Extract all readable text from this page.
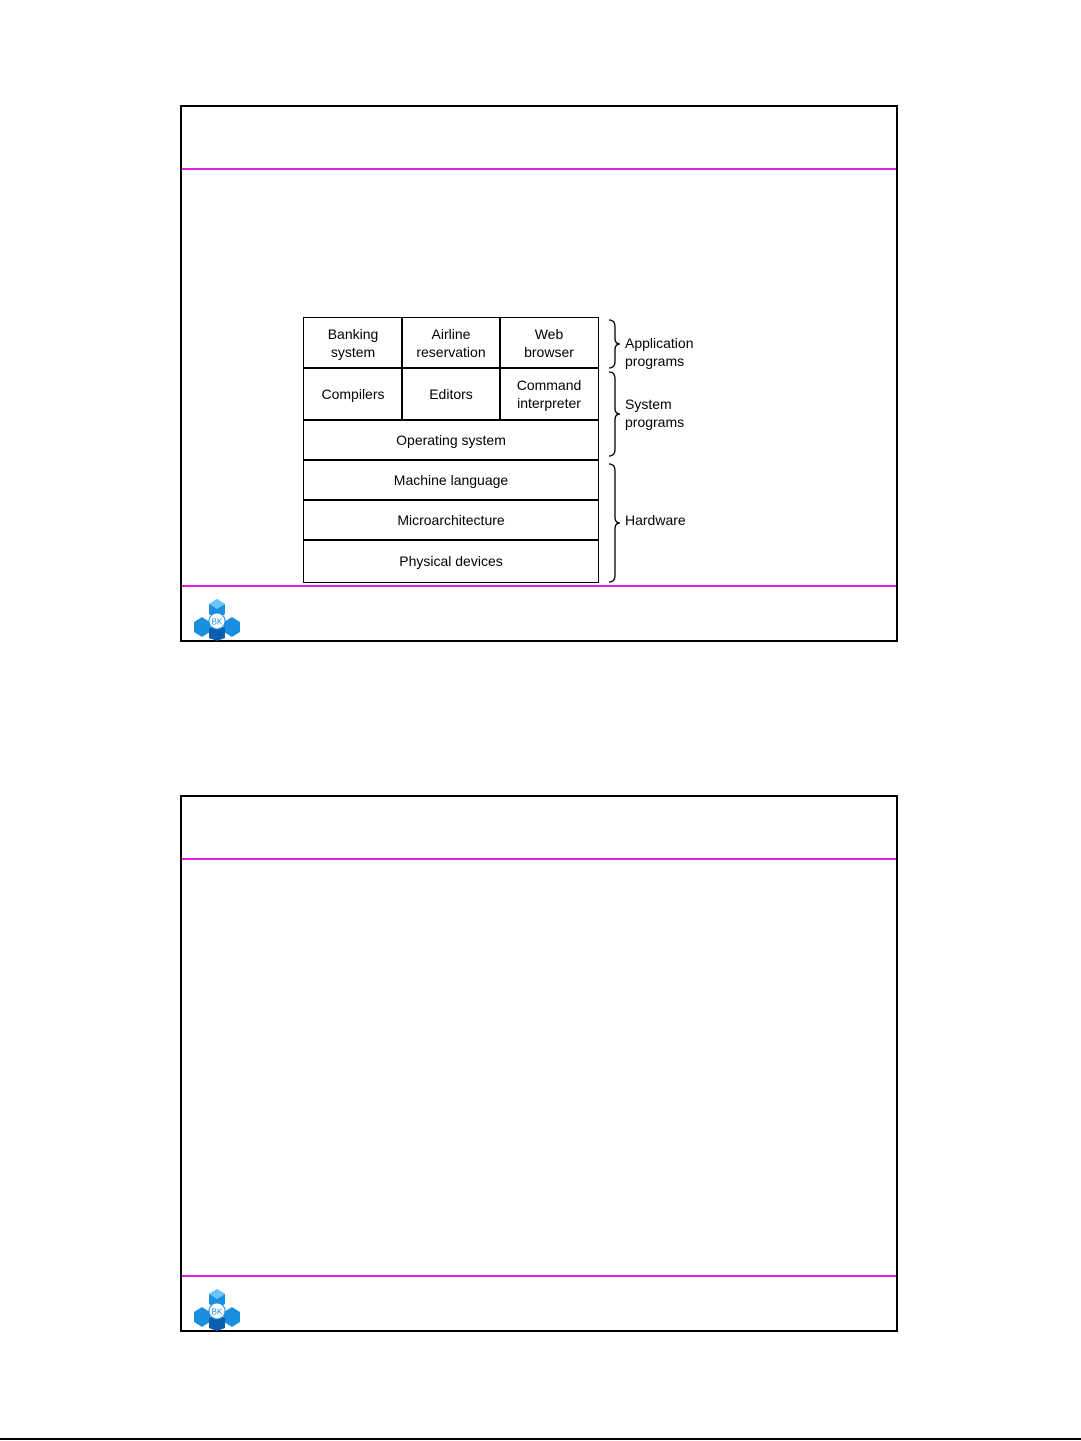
Banking
system
Airline
reservation
Web
browser
Compilers	Editors
Command
interpreter
Operating system
Machine language
Microarchitecture
Physical devices
Application programs
System
programs
Hardware
BK
BK
